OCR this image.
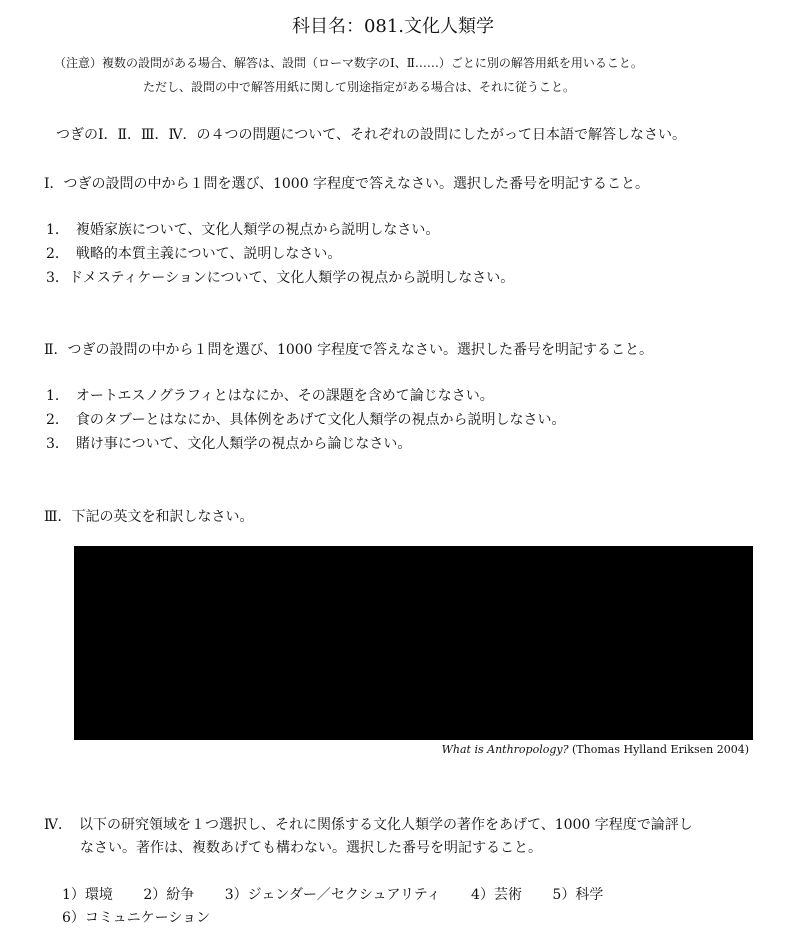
科目名：081.文化人類学
（注意）複数の設問がある場合、解答は、設問（ローマ数字のⅠ、Ⅱ……）ごとに別の解答用紙を用いること。
ただし、設問の中で解答用紙に関して別途指定がある場合は、それに従うこと。
つぎのⅠ．Ⅱ．Ⅲ．Ⅳ．の４つの問題について、それぞれの設問にしたがって日本語で解答しなさい。
Ⅰ．つぎの設問の中から１問を選び、1000 字程度で答えなさい。選択した番号を明記すること。
1．　複婚家族について、文化人類学の視点から説明しなさい。
2．　戦略的本質主義について、説明しなさい。
3．ドメスティケーションについて、文化人類学の視点から説明しなさい。
Ⅱ．つぎの設問の中から１問を選び、1000 字程度で答えなさい。選択した番号を明記すること。
1．　オートエスノグラフィとはなにか、その課題を含めて論じなさい。
2．　食のタブーとはなにか、具体例をあげて文化人類学の視点から説明しなさい。
3．　賭け事について、文化人類学の視点から論じなさい。
Ⅲ．下記の英文を和訳しなさい。
What is Anthropology? (Thomas Hylland Eriksen 2004)
Ⅳ．　以下の研究領域を１つ選択し、それに関係する文化人類学の著作をあげて、1000 字程度で論評し
なさい。著作は、複数あげても構わない。選択した番号を明記すること。
1）環境 2）紛争 3）ジェンダー／セクシュアリティ 4）芸術 5）科学
6）コミュニケーション
